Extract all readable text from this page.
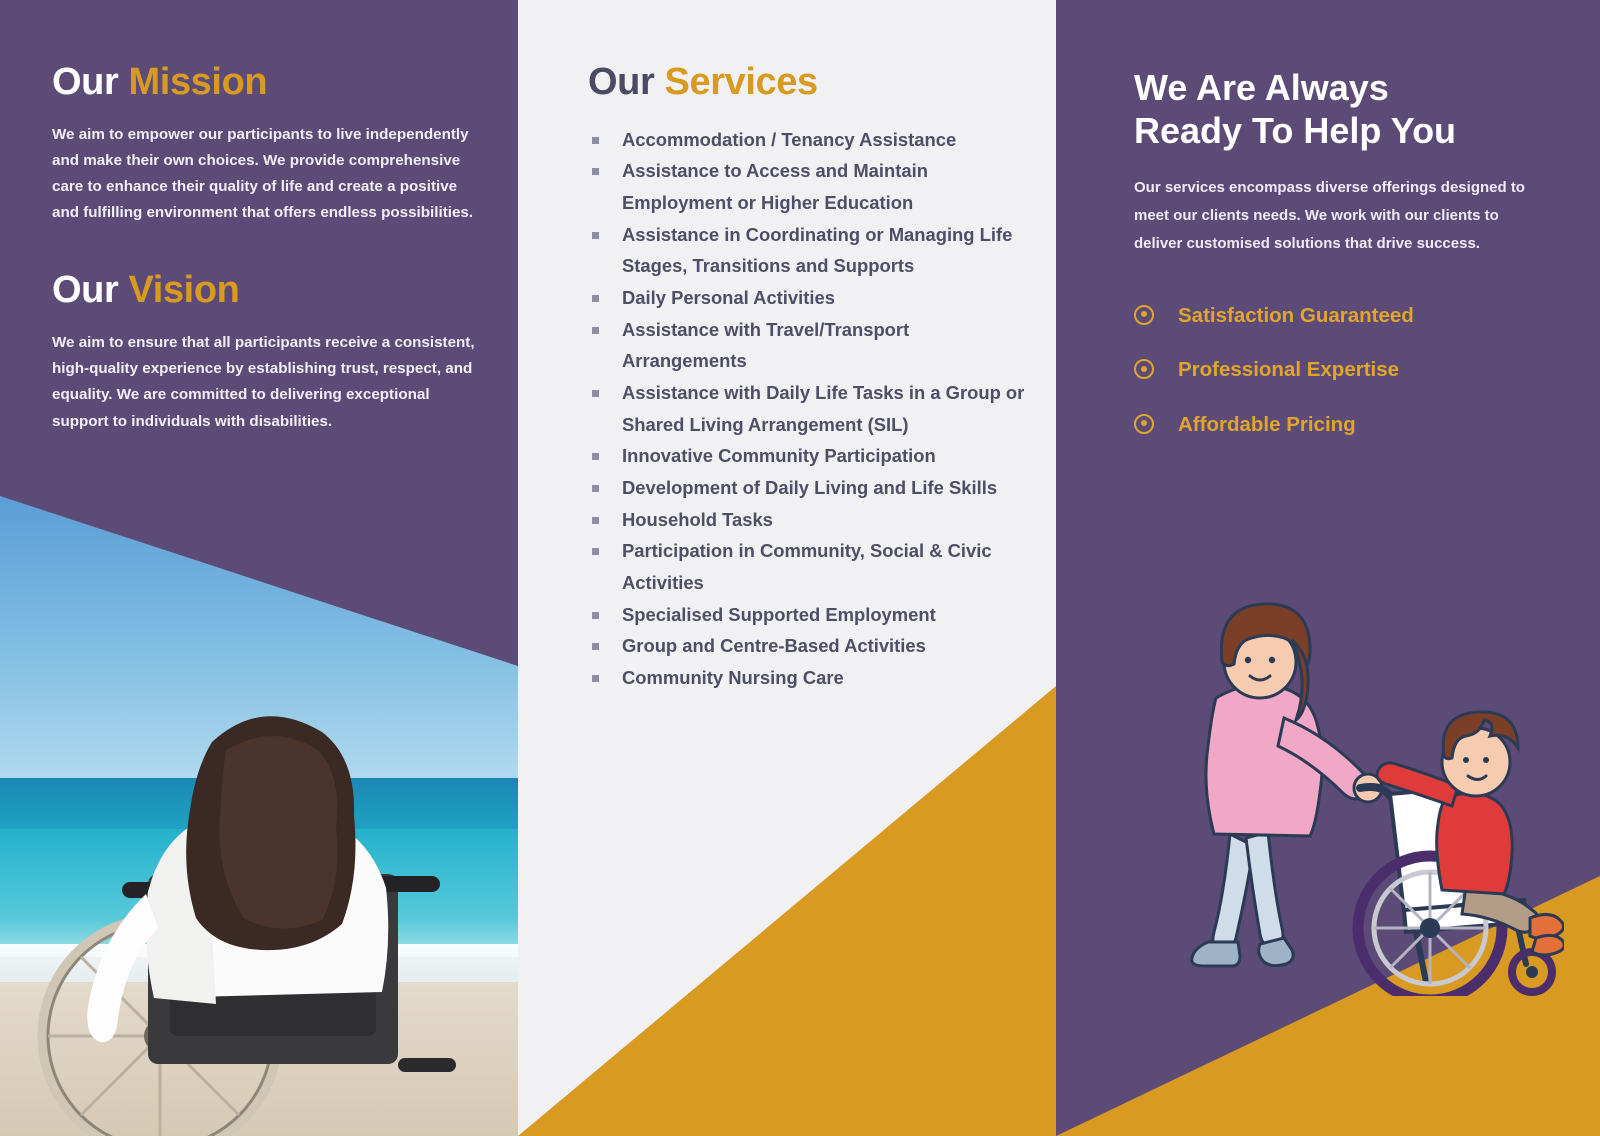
Our Mission

We aim to empower our participants to live independently and make their own choices. We provide comprehensive care to enhance their quality of life and create a positive and fulfilling environment that offers endless possibilities.

Our Vision

We aim to ensure that all participants receive a consistent, high-quality experience by establishing trust, respect, and equality. We are committed to delivering exceptional support to individuals with disabilities.

Our Services
Accommodation / Tenancy Assistance
Assistance to Access and Maintain Employment or Higher Education
Assistance in Coordinating or Managing Life Stages, Transitions and Supports
Daily Personal Activities
Assistance with Travel/Transport Arrangements
Assistance with Daily Life Tasks in a Group or Shared Living Arrangement (SIL)
Innovative Community Participation
Development of Daily Living and Life Skills
Household Tasks
Participation in Community, Social & Civic Activities
Specialised Supported Employment
Group and Centre-Based Activities
Community Nursing Care
We Are Always
Ready To Help You

Our services encompass diverse offerings designed to meet our clients needs. We work with our clients to deliver customised solutions that drive success.

Satisfaction Guaranteed
Professional Expertise
Affordable Pricing
